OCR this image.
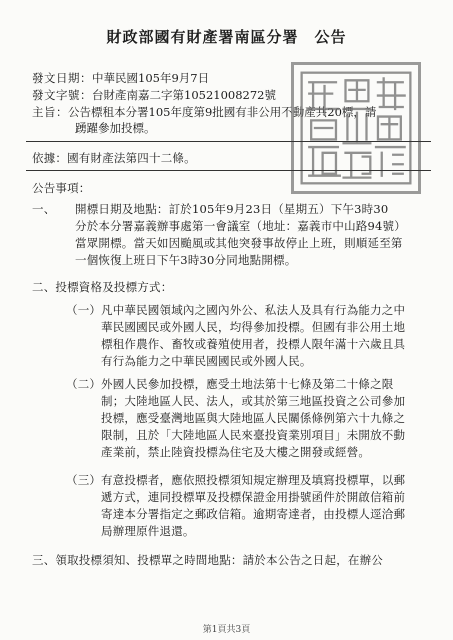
財政部國有財產署南區分署　公告
發文日期：中華民國105年9月7日
發文字號：台財產南嘉二字第10521008272號
主旨：公告標租本分署105年度第9批國有非公用不動產共20標，請
踴躍參加投標。
依據：國有財產法第四十二條。
公告事項：
一、 開標日期及地點：訂於105年9月23日（星期五）下午3時30
分於本分署嘉義辦事處第一會議室（地址：嘉義市中山路94號）
當眾開標。當天如因颱風或其他突發事故停止上班，則順延至第
一個恢復上班日下午3時30分同地點開標。
二、投標資格及投標方式：
（一） 凡中華民國領域內之國內外公、私法人及具有行為能力之中
華民國國民或外國人民，均得參加投標。但國有非公用土地
標租作農作、畜牧或養殖使用者，投標人限年滿十六歲且具
有行為能力之中華民國國民或外國人民。
（二） 外國人民參加投標，應受土地法第十七條及第二十條之限
制；大陸地區人民、法人，或其於第三地區投資之公司參加
投標，應受臺灣地區與大陸地區人民關係條例第六十九條之
限制，且於「大陸地區人民來臺投資業別項目」未開放不動
產業前，禁止陸資投標為住宅及大樓之開發或經營。
（三） 有意投標者，應依照投標須知規定辦理及填寫投標單，以郵
遞方式，連同投標單及投標保證金用掛號函件於開啟信箱前
寄達本分署指定之郵政信箱。逾期寄達者，由投標人逕洽郵
局辦理原件退還。
三、領取投標須知、投標單之時間地點：請於本公告之日起，在辦公
第1頁共3頁
